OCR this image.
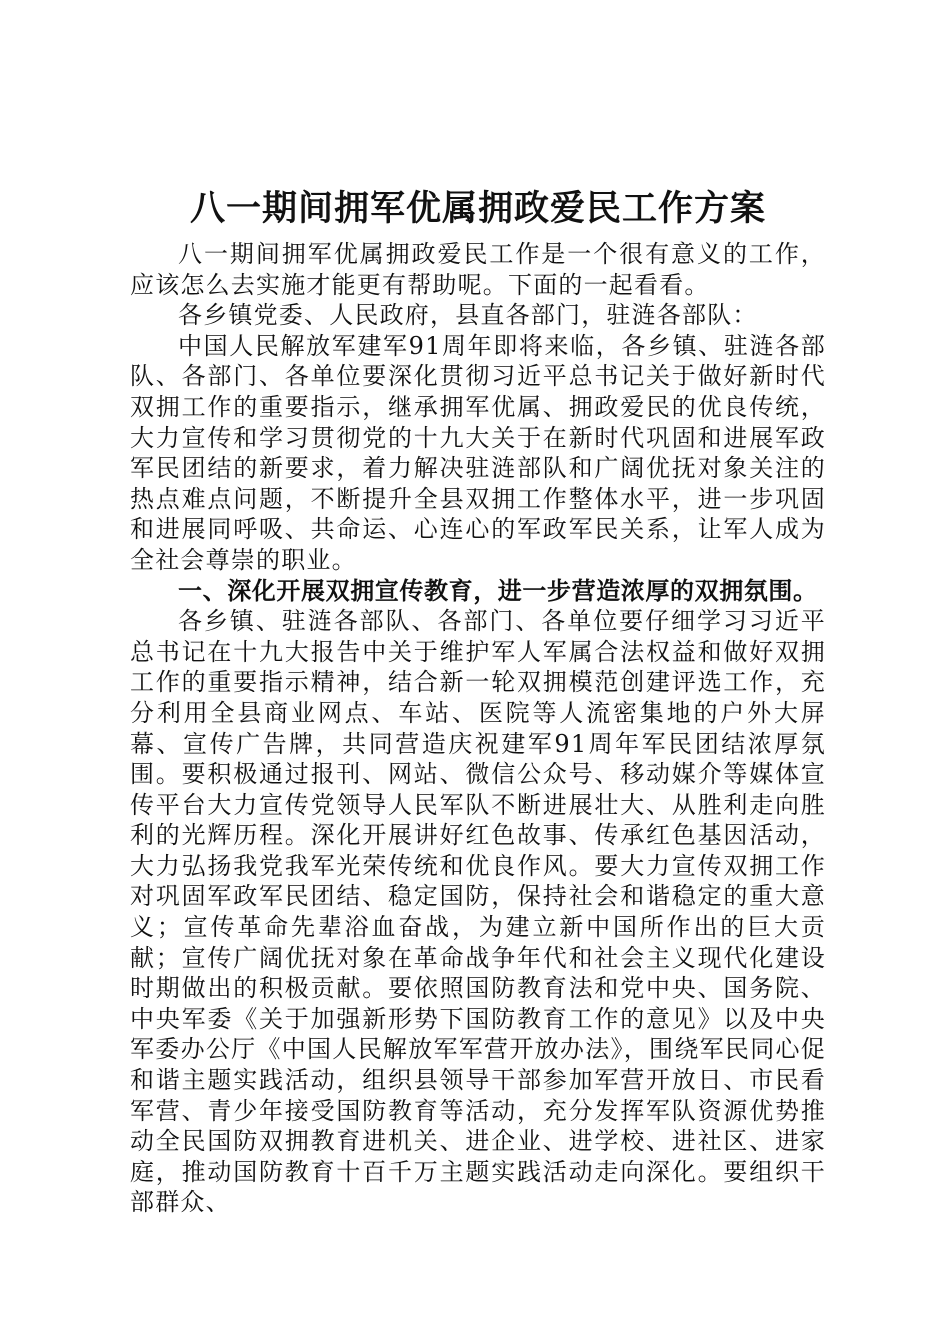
八一期间拥军优属拥政爱民工作方案

八一期间拥军优属拥政爱民工作是一个很有意义的工作，应该怎么去实施才能更有帮助呢。下面的一起看看。

各乡镇党委、人民政府，县直各部门，驻涟各部队：

中国人民解放军建军91周年即将来临，各乡镇、驻涟各部队、各部门、各单位要深化贯彻习近平总书记关于做好新时代双拥工作的重要指示，继承拥军优属、拥政爱民的优良传统，大力宣传和学习贯彻党的十九大关于在新时代巩固和进展军政军民团结的新要求，着力解决驻涟部队和广阔优抚对象关注的热点难点问题，不断提升全县双拥工作整体水平，进一步巩固和进展同呼吸、共命运、心连心的军政军民关系，让军人成为全社会尊崇的职业。

一、深化开展双拥宣传教育，进一步营造浓厚的双拥氛围。

各乡镇、驻涟各部队、各部门、各单位要仔细学习习近平总书记在十九大报告中关于维护军人军属合法权益和做好双拥工作的重要指示精神，结合新一轮双拥模范创建评选工作，充分利用全县商业网点、车站、医院等人流密集地的户外大屏幕、宣传广告牌，共同营造庆祝建军91周年军民团结浓厚氛围。要积极通过报刊、网站、微信公众号、移动媒介等媒体宣传平台大力宣传党领导人民军队不断进展壮大、从胜利走向胜利的光辉历程。深化开展讲好红色故事、传承红色基因活动，大力弘扬我党我军光荣传统和优良作风。要大力宣传双拥工作对巩固军政军民团结、稳定国防，保持社会和谐稳定的重大意义；宣传革命先辈浴血奋战，为建立新中国所作出的巨大贡献；宣传广阔优抚对象在革命战争年代和社会主义现代化建设时期做出的积极贡献。要依照国防教育法和党中央、国务院、中央军委《关于加强新形势下国防教育工作的意见》以及中央军委办公厅《中国人民解放军军营开放办法》，围绕军民同心促和谐主题实践活动，组织县领导干部参加军营开放日、市民看军营、青少年接受国防教育等活动，充分发挥军队资源优势推动全民国防双拥教育进机关、进企业、进学校、进社区、进家庭，推动国防教育十百千万主题实践活动走向深化。要组织干部群众、
